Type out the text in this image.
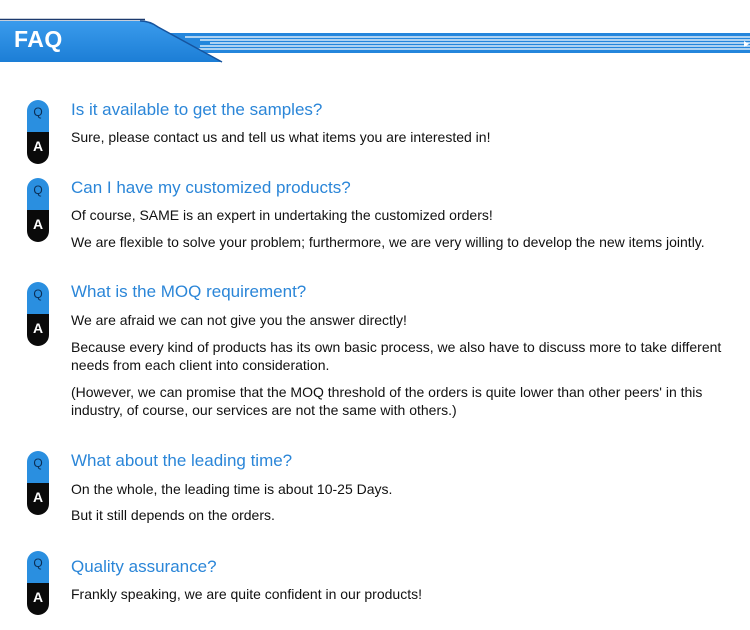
FAQ
Q
A
Is it available to get the samples?
Sure, please contact us and tell us what items you are interested in!
Q
A
Can I have my customized products?
Of course, SAME is an expert in undertaking the customized orders!
We are flexible to solve your problem; furthermore, we are very willing to develop the new items jointly.
Q
A
What is the MOQ requirement?
We are afraid we can not give you the answer directly!
Because every kind of products has its own basic process, we also have to discuss more to take different needs from each client into consideration.
(However, we can promise that the MOQ threshold of the orders is quite lower than other peers' in this industry, of course, our services are not the same with others.)
Q
A
What about the leading time?
On the whole, the leading time is about 10-25 Days.
But it still depends on the orders.
Q
A
Quality assurance?
Frankly speaking, we are quite confident in our products!
